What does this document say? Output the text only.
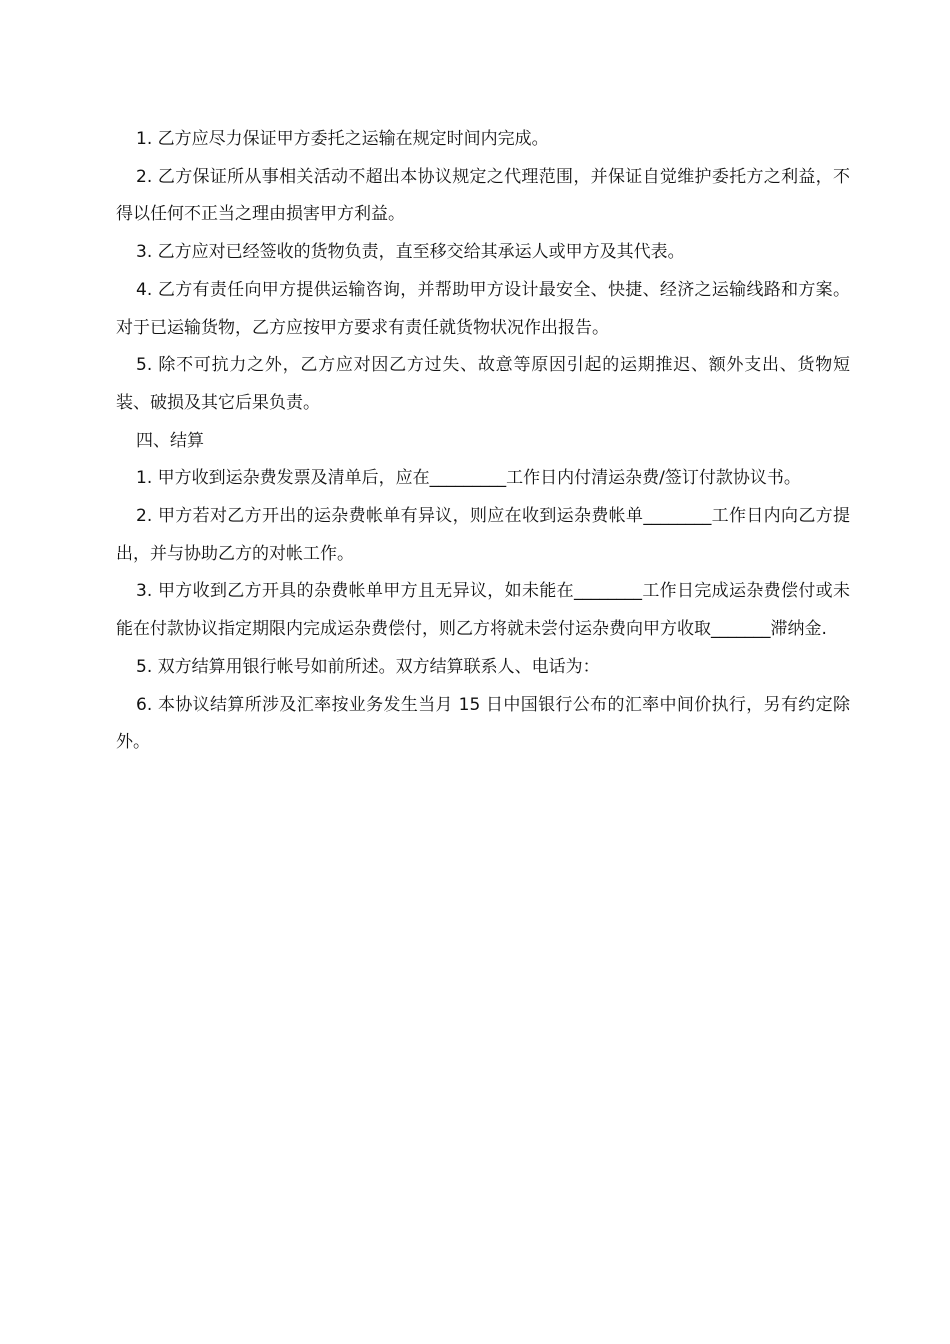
1. 乙方应尽力保证甲方委托之运输在规定时间内完成。

2. 乙方保证所从事相关活动不超出本协议规定之代理范围，并保证自觉维护委托方之利益，不得以任何不正当之理由损害甲方利益。

3. 乙方应对已经签收的货物负责，直至移交给其承运人或甲方及其代表。

4. 乙方有责任向甲方提供运输咨询，并帮助甲方设计最安全、快捷、经济之运输线路和方案。对于已运输货物，乙方应按甲方要求有责任就货物状况作出报告。

5. 除不可抗力之外，乙方应对因乙方过失、故意等原因引起的运期推迟、额外支出、货物短装、破损及其它后果负责。

四、结算

1. 甲方收到运杂费发票及清单后，应在_________工作日内付清运杂费/签订付款协议书。

2. 甲方若对乙方开出的运杂费帐单有异议，则应在收到运杂费帐单________工作日内向乙方提出，并与协助乙方的对帐工作。

3. 甲方收到乙方开具的杂费帐单甲方且无异议，如未能在________工作日完成运杂费偿付或未能在付款协议指定期限内完成运杂费偿付，则乙方将就未尝付运杂费向甲方收取_______滞纳金.

5. 双方结算用银行帐号如前所述。双方结算联系人、电话为：

6. 本协议结算所涉及汇率按业务发生当月 15 日中国银行公布的汇率中间价执行，另有约定除外。
